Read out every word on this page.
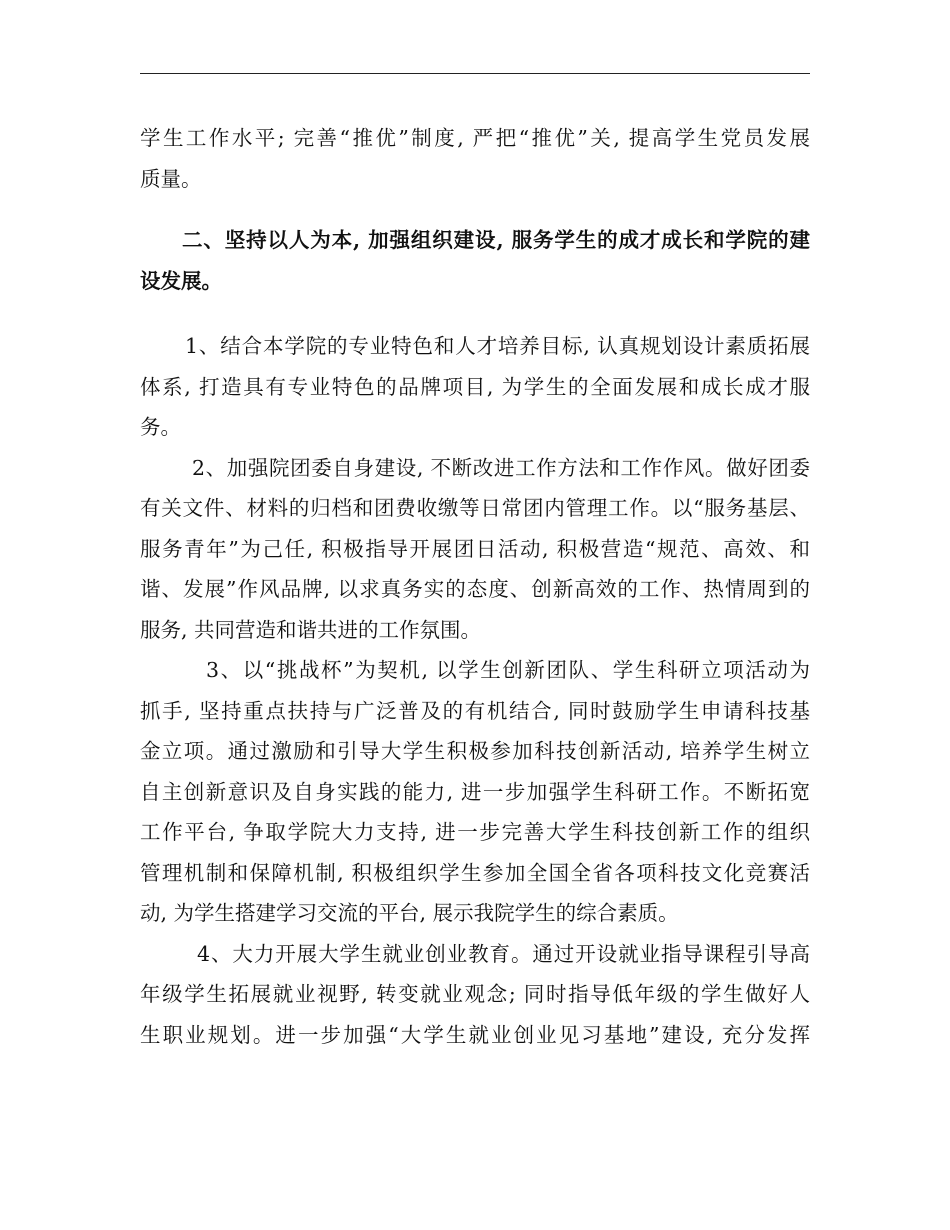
学生工作水平; 完善“推优”制度, 严把“推优”关, 提高学生党员发展
质量。
二、坚持以人为本, 加强组织建设, 服务学生的成才成长和学院的建
设发展。
1、结合本学院的专业特色和人才培养目标, 认真规划设计素质拓展
体系, 打造具有专业特色的品牌项目, 为学生的全面发展和成长成才服
务。
2、加强院团委自身建设, 不断改进工作方法和工作作风。做好团委
有关文件、材料的归档和团费收缴等日常团内管理工作。以“服务基层、
服务青年”为己任, 积极指导开展团日活动, 积极营造“规范、高效、和
谐、发展”作风品牌, 以求真务实的态度、创新高效的工作、热情周到的
服务, 共同营造和谐共进的工作氛围。
3、以“挑战杯”为契机, 以学生创新团队、学生科研立项活动为
抓手, 坚持重点扶持与广泛普及的有机结合, 同时鼓励学生申请科技基
金立项。通过激励和引导大学生积极参加科技创新活动, 培养学生树立
自主创新意识及自身实践的能力, 进一步加强学生科研工作。不断拓宽
工作平台, 争取学院大力支持, 进一步完善大学生科技创新工作的组织
管理机制和保障机制, 积极组织学生参加全国全省各项科技文化竞赛活
动, 为学生搭建学习交流的平台, 展示我院学生的综合素质。
4、大力开展大学生就业创业教育。通过开设就业指导课程引导高
年级学生拓展就业视野, 转变就业观念; 同时指导低年级的学生做好人
生职业规划。进一步加强“大学生就业创业见习基地”建设, 充分发挥
